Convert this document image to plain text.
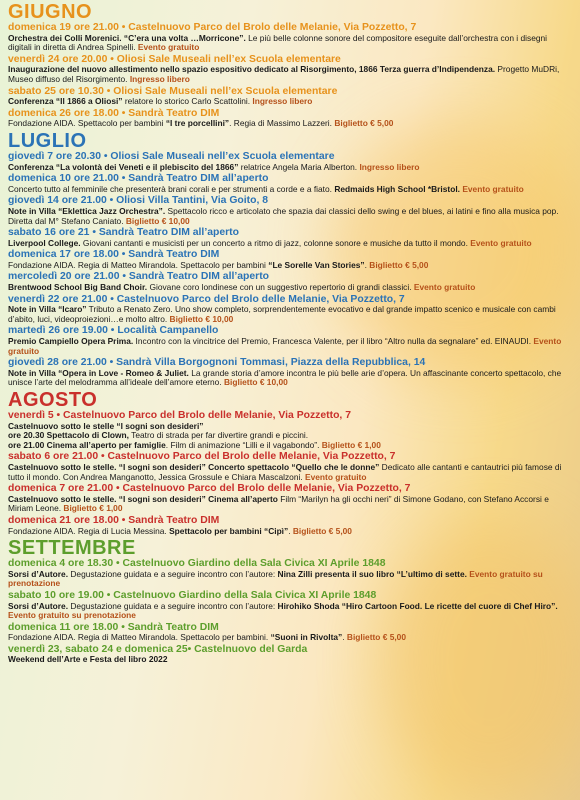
GIUGNO
domenica 19 ore 21.00 • Castelnuovo Parco del Brolo delle Melanie, Via Pozzetto, 7
Orchestra dei Colli Morenici. “C’era una volta …Morricone”. Le più belle colonne sonore del compositore eseguite dall’orchestra con i disegni digitali in diretta di Andrea Spinelli. Evento gratuito
venerdì 24 ore 20.00 • Oliosi Sale Museali nell’ex Scuola elementare
Inaugurazione del nuovo allestimento nello spazio espositivo dedicato al Risorgimento, 1866 Terza guerra d’Indipendenza. Progetto MuDRi, Museo diffuso del Risorgimento. Ingresso libero
sabato 25 ore 10.30 • Oliosi Sale Museali nell’ex Scuola elementare
Conferenza “Il 1866 a Oliosi” relatore lo storico Carlo Scattolini. Ingresso libero
domenica 26 ore 18.00 • Sandrà Teatro DIM
Fondazione AIDA. Spettacolo per bambini “I tre porcellini”. Regia di Massimo Lazzeri. Biglietto € 5,00
LUGLIO
giovedì 7 ore 20.30 • Oliosi Sale Museali nell’ex Scuola elementare
Conferenza “La volontà dei Veneti e il plebiscito del 1866” relatrice Angela Maria Alberton. Ingresso libero
domenica 10 ore 21.00 • Sandrà Teatro DIM all’aperto
Concerto tutto al femminile che presenterà brani corali e per strumenti a corde e a fiato. Redmaids High School *Bristol. Evento gratuito
giovedì 14 ore 21.00 • Oliosi Villa Tantini, Via Goito, 8
Note in Villa “Eklettica Jazz Orchestra”. Spettacolo ricco e articolato che spazia dai classici dello swing e del blues, ai latini e fino alla musica pop. Diretta dal M° Stefano Caniato. Biglietto € 10,00
sabato 16 ore 21 • Sandrà Teatro DIM all’aperto
Liverpool College. Giovani cantanti e musicisti per un concerto a ritmo di jazz, colonne sonore e musiche da tutto il mondo. Evento gratuito
domenica 17 ore 18.00 • Sandrà Teatro DIM
Fondazione AIDA. Regia di Matteo Mirandola. Spettacolo per bambini “Le Sorelle Van Stories”. Biglietto € 5,00
mercoledì 20 ore 21.00 • Sandrà Teatro DIM all’aperto
Brentwood School Big Band Choir. Giovane coro londinese con un suggestivo repertorio di grandi classici. Evento gratuito
venerdì 22 ore 21.00 • Castelnuovo Parco del Brolo delle Melanie, Via Pozzetto, 7
Note in Villa “Icaro” Tributo a Renato Zero. Uno show completo, sorprendentemente evocativo e dal grande impatto scenico e musicale con cambi d’abito, luci, videoproiezioni…e molto altro. Biglietto € 10,00
martedì 26 ore 19.00 • Località Campanello
Premio Campiello Opera Prima. Incontro con la vincitrice del Premio, Francesca Valente, per il libro “Altro nulla da segnalare” ed. EINAUDI. Evento gratuito
giovedì 28 ore 21.00 • Sandrà Villa Borgognoni Tommasi, Piazza della Repubblica, 14
Note in Villa “Opera in Love - Romeo & Juliet. La grande storia d’amore incontra le più belle arie d’opera. Un affascinante concerto spettacolo, che unisce l’arte del melodramma all’ideale dell’amore eterno. Biglietto € 10,00
AGOSTO
venerdì 5 • Castelnuovo Parco del Brolo delle Melanie, Via Pozzetto, 7
Castelnuovo sotto le stelle “I sogni son desideri”
ore 20.30 Spettacolo di Clown, Teatro di strada per far divertire grandi e piccini.
ore 21.00 Cinema all’aperto per famiglie. Film di animazione “Lilli e il vagabondo”. Biglietto € 1,00
sabato 6 ore 21.00 • Castelnuovo Parco del Brolo delle Melanie, Via Pozzetto, 7
Castelnuovo sotto le stelle. “I sogni son desideri” Concerto spettacolo “Quello che le donne” Dedicato alle cantanti e cantautrici più famose di tutto il mondo. Con Andrea Manganotto, Jessica Grossule e Chiara Mascalzoni. Evento gratuito
domenica 7 ore 21.00 • Castelnuovo Parco del Brolo delle Melanie, Via Pozzetto, 7
Castelnuovo sotto le stelle. “I sogni son desideri” Cinema all’aperto Film “Marilyn ha gli occhi neri” di Simone Godano, con Stefano Accorsi e Miriam Leone. Biglietto € 1,00
domenica 21 ore 18.00 • Sandrà Teatro DIM
Fondazione AIDA. Regia di Lucia Messina. Spettacolo per bambini “Cipì”. Biglietto € 5,00
SETTEMBRE
domenica 4 ore 18.30 • Castelnuovo Giardino della Sala Civica XI Aprile 1848
Sorsi d’Autore. Degustazione guidata e a seguire incontro con l’autore: Nina Zilli presenta il suo libro “L’ultimo di sette. Evento gratuito su prenotazione
sabato 10 ore 19.00 • Castelnuovo Giardino della Sala Civica XI Aprile 1848
Sorsi d’Autore. Degustazione guidata e a seguire incontro con l’autore: Hirohiko Shoda “Hiro Cartoon Food. Le ricette del cuore di Chef Hiro”. Evento gratuito su prenotazione
domenica 11 ore 18.00 • Sandrà Teatro DIM
Fondazione AIDA. Regia di Matteo Mirandola. Spettacolo per bambini. “Suoni in Rivolta”. Biglietto € 5,00
venerdì 23, sabato 24 e domenica 25• Castelnuovo del Garda
Weekend dell’Arte e Festa del libro 2022
